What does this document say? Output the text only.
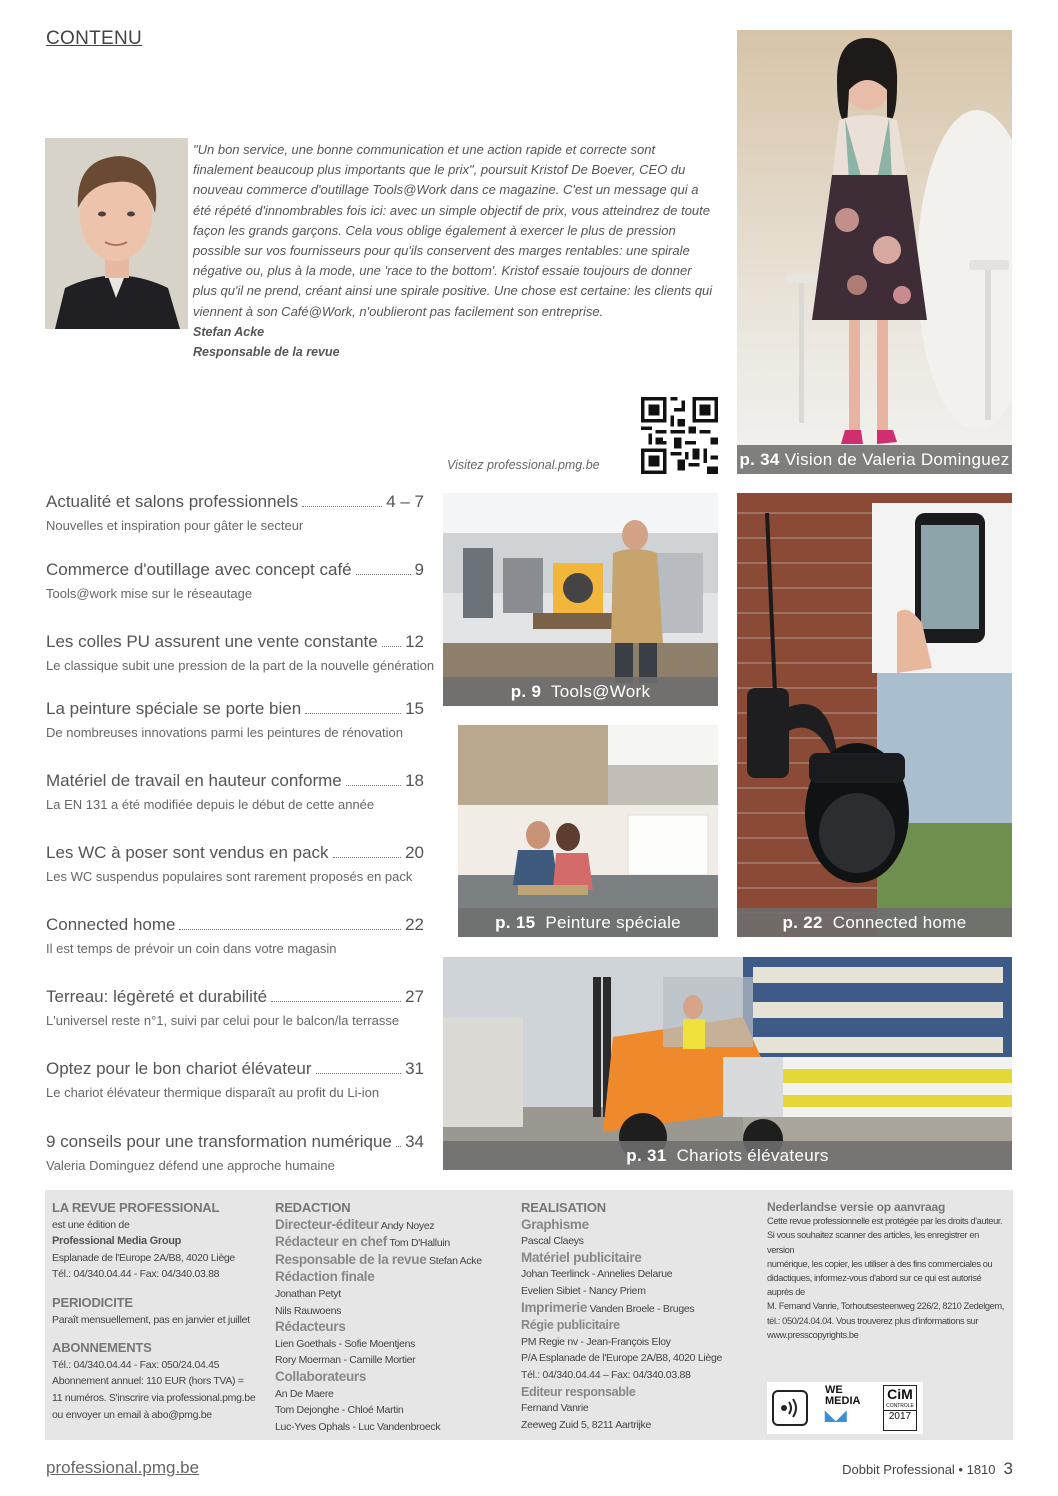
CONTENU
"Un bon service, une bonne communication et une action rapide et correcte sont finalement beaucoup plus importants que le prix", poursuit Kristof De Boever, CEO du nouveau commerce d'outillage Tools@Work dans ce magazine. C'est un message qui a été répété d'innombrables fois ici: avec un simple objectif de prix, vous atteindrez de toute façon les grands garçons. Cela vous oblige également à exercer le plus de pression possible sur vos fournisseurs pour qu'ils conservent des marges rentables: une spirale négative ou, plus à la mode, une 'race to the bottom'. Kristof essaie toujours de donner plus qu'il ne prend, créant ainsi une spirale positive. Une chose est certaine: les clients qui viennent à son Café@Work, n'oublieront pas facilement son entreprise.
Stefan Acke
Responsable de la revue
Visitez professional.pmg.be	p. 34 Vision de Valeria Dominguez
p. 9 Tools@Work
p. 22 Connected home
p. 15 Peinture spéciale
p. 31 Chariots élévateurs
Actualité et salons professionnels	4 – 7
Nouvelles et inspiration pour gâter le secteur
Commerce d'outillage avec concept café	9
Tools@work mise sur le réseautage
Les colles PU assurent une vente constante 12
Le classique subit une pression de la part de la nouvelle génération
La peinture spéciale se porte bien	15
De nombreuses innovations parmi les peintures de rénovation
Matériel de travail en hauteur conforme	18
La EN 131 a été modifiée depuis le début de cette année
Les WC à poser sont vendus en pack	20
Les WC suspendus populaires sont rarement proposés en pack
Connected home	22
Il est temps de prévoir un coin dans votre magasin
Terreau: légèreté et durabilité	27
L'universel reste n°1, suivi par celui pour le balcon/la terrasse
Optez pour le bon chariot élévateur	31
Le chariot élévateur thermique disparaît au profit du Li-ion
9 conseils pour une transformation numérique 34
Valeria Dominguez défend une approche humaine
LA REVUE PROFESSIONAL
est une édition de
Professional Media Group
Esplanade de l'Europe 2A/B8, 4020 Liège
Tél.: 04/340.04.44 - Fax: 04/340.03.88
PERIODICITE
Paraît mensuellement, pas en janvier et juillet
ABONNEMENTS
Tél.: 04/340.04.44 - Fax: 050/24.04.45
Abonnement annuel: 110 EUR (hors TVA) =
11 numéros. S'inscrire via professional.pmg.be
ou envoyer un email à abo@pmg.be
REDACTION
Directeur-éditeur Andy Noyez
Rédacteur en chef Tom D'Halluin
Responsable de la revue Stefan Acke
Rédaction finale
Jonathan Petyt
Nils Rauwoens
Rédacteurs
Lien Goethals - Sofie Moentjens
Rory Moerman - Camille Mortier
Collaborateurs
An De Maere
Tom Dejonghe - Chloé Martin
Luc-Yves Ophals - Luc Vandenbroeck
REALISATION
Graphisme
Pascal Claeys
Matériel publicitaire
Johan Teerlinck - Annelies Delarue
Evelien Sibiet - Nancy Priem
Imprimerie Vanden Broele - Bruges
Régie publicitaire
PM Regie nv - Jean-François Eloy
P/A Esplanade de l'Europe 2A/B8, 4020 Liège
Tél.: 04/340.04.44 – Fax: 04/340.03.88
Editeur responsable
Fernand Vanrie
Zeeweg Zuid 5, 8211 Aartrijke
Nederlandse versie op aanvraag
Cette revue professionnelle est protégée par les droits d'auteur.
Si vous souhaitez scanner des articles, les enregistrer en version
numérique, les copier, les utiliser à des fins commerciales ou
didactiques, informez-vous d'abord sur ce qui est autorisé auprès de
M. Fernand Vanrie, Torhoutsesteenweg 226/2, 8210 Zedelgem,
tél.: 050/24.04.04. Vous trouverez plus d'informations sur
www.presscopyrights.be
WE
MEDIA
◣◢
CiM
CONTROLE
2017
professional.pmg.be	Dobbit Professional • 1810 3
